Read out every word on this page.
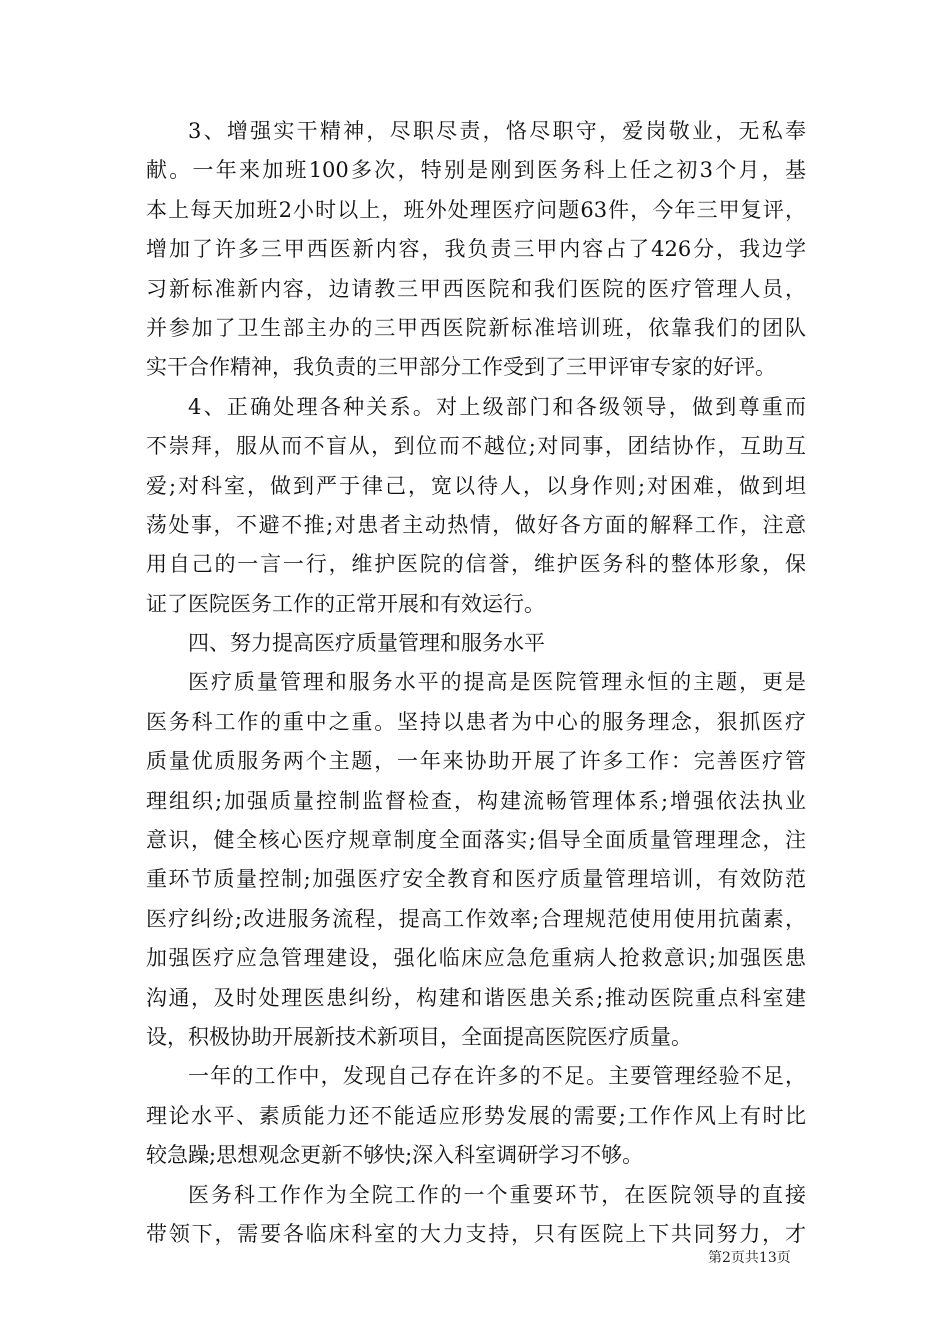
3、增强实干精神，尽职尽责，恪尽职守，爱岗敬业，无私奉
献。一年来加班100多次，特别是刚到医务科上任之初3个月，基
本上每天加班2小时以上，班外处理医疗问题63件，今年三甲复评，
增加了许多三甲西医新内容，我负责三甲内容占了426分，我边学
习新标准新内容，边请教三甲西医院和我们医院的医疗管理人员，
并参加了卫生部主办的三甲西医院新标准培训班，依靠我们的团队
实干合作精神，我负责的三甲部分工作受到了三甲评审专家的好评。
4、正确处理各种关系。对上级部门和各级领导，做到尊重而
不崇拜，服从而不盲从，到位而不越位;对同事，团结协作，互助互
爱;对科室，做到严于律己，宽以待人，以身作则;对困难，做到坦
荡处事，不避不推;对患者主动热情，做好各方面的解释工作，注意
用自己的一言一行，维护医院的信誉，维护医务科的整体形象，保
证了医院医务工作的正常开展和有效运行。
四、努力提高医疗质量管理和服务水平
医疗质量管理和服务水平的提高是医院管理永恒的主题，更是
医务科工作的重中之重。坚持以患者为中心的服务理念，狠抓医疗
质量优质服务两个主题，一年来协助开展了许多工作：完善医疗管
理组织;加强质量控制监督检查，构建流畅管理体系;增强依法执业
意识，健全核心医疗规章制度全面落实;倡导全面质量管理理念，注
重环节质量控制;加强医疗安全教育和医疗质量管理培训，有效防范
医疗纠纷;改进服务流程，提高工作效率;合理规范使用使用抗菌素，
加强医疗应急管理建设，强化临床应急危重病人抢救意识;加强医患
沟通，及时处理医患纠纷，构建和谐医患关系;推动医院重点科室建
设，积极协助开展新技术新项目，全面提高医院医疗质量。
一年的工作中，发现自己存在许多的不足。主要管理经验不足，
理论水平、素质能力还不能适应形势发展的需要;工作作风上有时比
较急躁;思想观念更新不够快;深入科室调研学习不够。
医务科工作作为全院工作的一个重要环节，在医院领导的直接
带领下，需要各临床科室的大力支持，只有医院上下共同努力，才
第2页共13页
